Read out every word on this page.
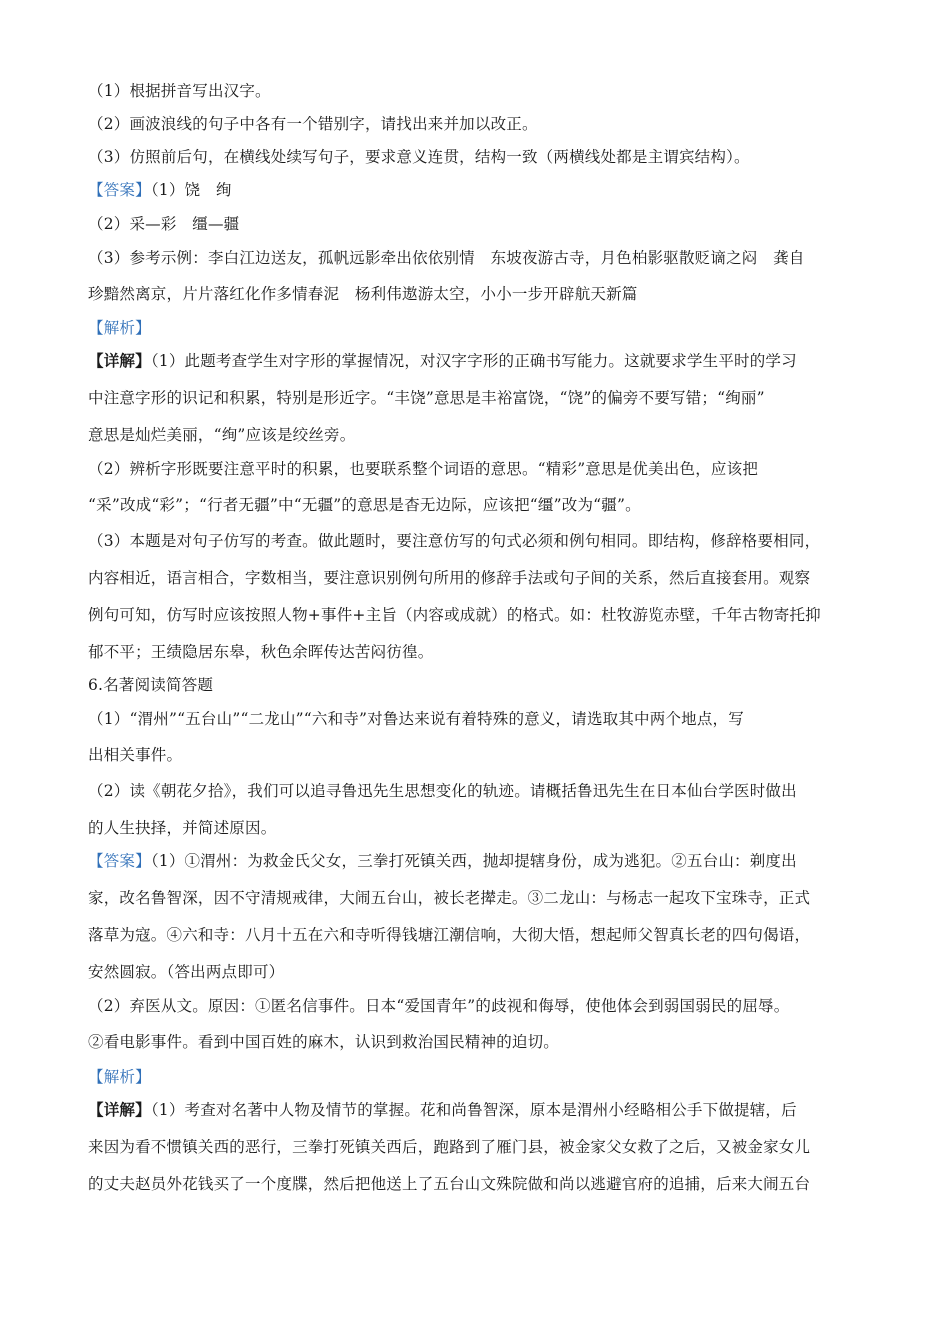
（1）根据拼音写出汉字。
（2）画波浪线的句子中各有一个错别字，请找出来并加以改正。
（3）仿照前后句，在横线处续写句子，要求意义连贯，结构一致（两横线处都是主谓宾结构）。
【答案】（1）饶　绚
（2）采—彩　缰—疆
（3）参考示例：李白江边送友，孤帆远影牵出依依别情　东坡夜游古寺，月色柏影驱散贬谪之闷　龚自
珍黯然离京，片片落红化作多情春泥　杨利伟遨游太空，小小一步开辟航天新篇
【解析】
【详解】（1）此题考查学生对字形的掌握情况，对汉字字形的正确书写能力。这就要求学生平时的学习
中注意字形的识记和积累，特别是形近字。“丰饶”意思是丰裕富饶，“饶”的偏旁不要写错；“绚丽”
意思是灿烂美丽，“绚”应该是绞丝旁。
（2）辨析字形既要注意平时的积累，也要联系整个词语的意思。“精彩”意思是优美出色，应该把
“采”改成“彩”；“行者无疆”中“无疆”的意思是杳无边际，应该把“缰”改为“疆”。
（3）本题是对句子仿写的考查。做此题时，要注意仿写的句式必须和例句相同。即结构，修辞格要相同，
内容相近，语言相合，字数相当，要注意识别例句所用的修辞手法或句子间的关系，然后直接套用。观察
例句可知，仿写时应该按照人物+事件+主旨（内容或成就）的格式。如：杜牧游览赤壁，千年古物寄托抑
郁不平；王绩隐居东皋，秋色余晖传达苦闷彷徨。
6.名著阅读简答题
（1）“渭州”“五台山”“二龙山”“六和寺”对鲁达来说有着特殊的意义，请选取其中两个地点，写
出相关事件。
（2）读《朝花夕拾》，我们可以追寻鲁迅先生思想变化的轨迹。请概括鲁迅先生在日本仙台学医时做出
的人生抉择，并简述原因。
【答案】（1）①渭州：为救金氏父女，三拳打死镇关西，抛却提辖身份，成为逃犯。②五台山：剃度出
家，改名鲁智深，因不守清规戒律，大闹五台山，被长老撵走。③二龙山：与杨志一起攻下宝珠寺，正式
落草为寇。④六和寺：八月十五在六和寺听得钱塘江潮信响，大彻大悟，想起师父智真长老的四句偈语，
安然圆寂。（答出两点即可）
（2）弃医从文。原因：①匿名信事件。日本“爱国青年”的歧视和侮辱，使他体会到弱国弱民的屈辱。
②看电影事件。看到中国百姓的麻木，认识到救治国民精神的迫切。
【解析】
【详解】（1）考查对名著中人物及情节的掌握。花和尚鲁智深，原本是渭州小经略相公手下做提辖，后
来因为看不惯镇关西的恶行，三拳打死镇关西后，跑路到了雁门县，被金家父女救了之后，又被金家女儿
的丈夫赵员外花钱买了一个度牒，然后把他送上了五台山文殊院做和尚以逃避官府的追捕，后来大闹五台
